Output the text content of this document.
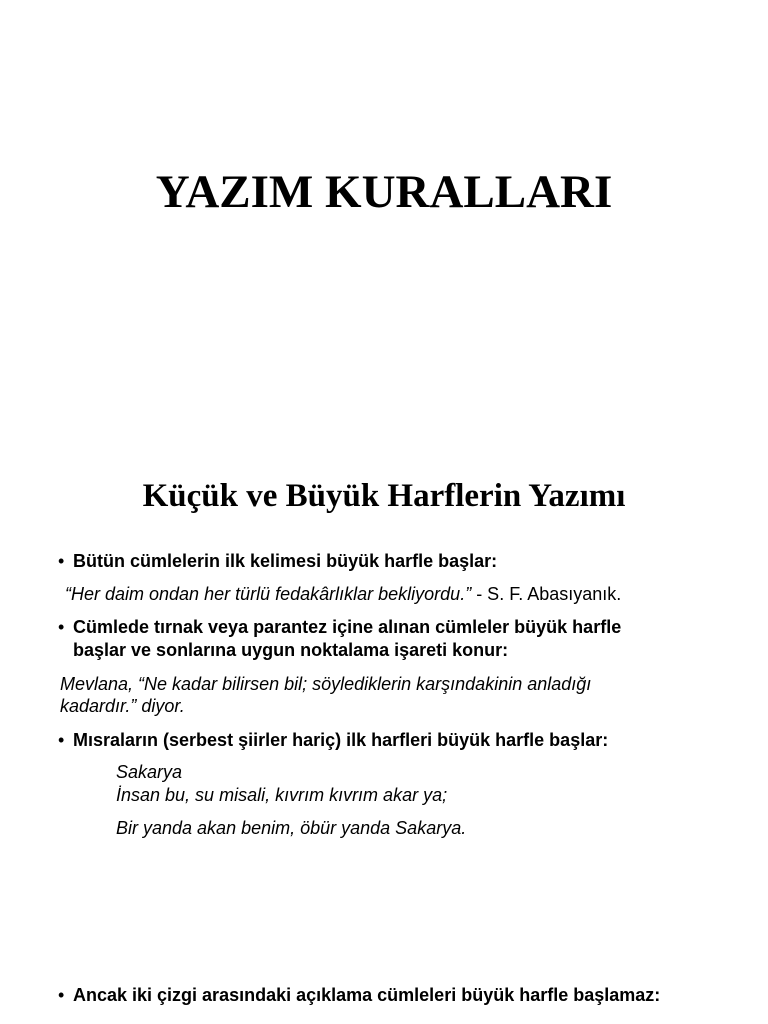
YAZIM KURALLARI
Küçük ve Büyük Harflerin Yazımı
• Bütün cümlelerin ilk kelimesi büyük harfle başlar:
“Her daim ondan her türlü fedakârlıklar bekliyordu.” - S. F. Abasıyanık.
• Cümlede tırnak veya parantez içine alınan cümleler büyük harfle
başlar ve sonlarına uygun noktalama işareti konur:
Mevlana, “Ne kadar bilirsen bil; söylediklerin karşındakinin anladığı
kadardır.” diyor.
• Mısraların (serbest şiirler hariç) ilk harfleri büyük harfle başlar:
Sakarya
İnsan bu, su misali, kıvrım kıvrım akar ya;
Bir yanda akan benim, öbür yanda Sakarya.
• Ancak iki çizgi arasındaki açıklama cümleleri büyük harfle başlamaz:
